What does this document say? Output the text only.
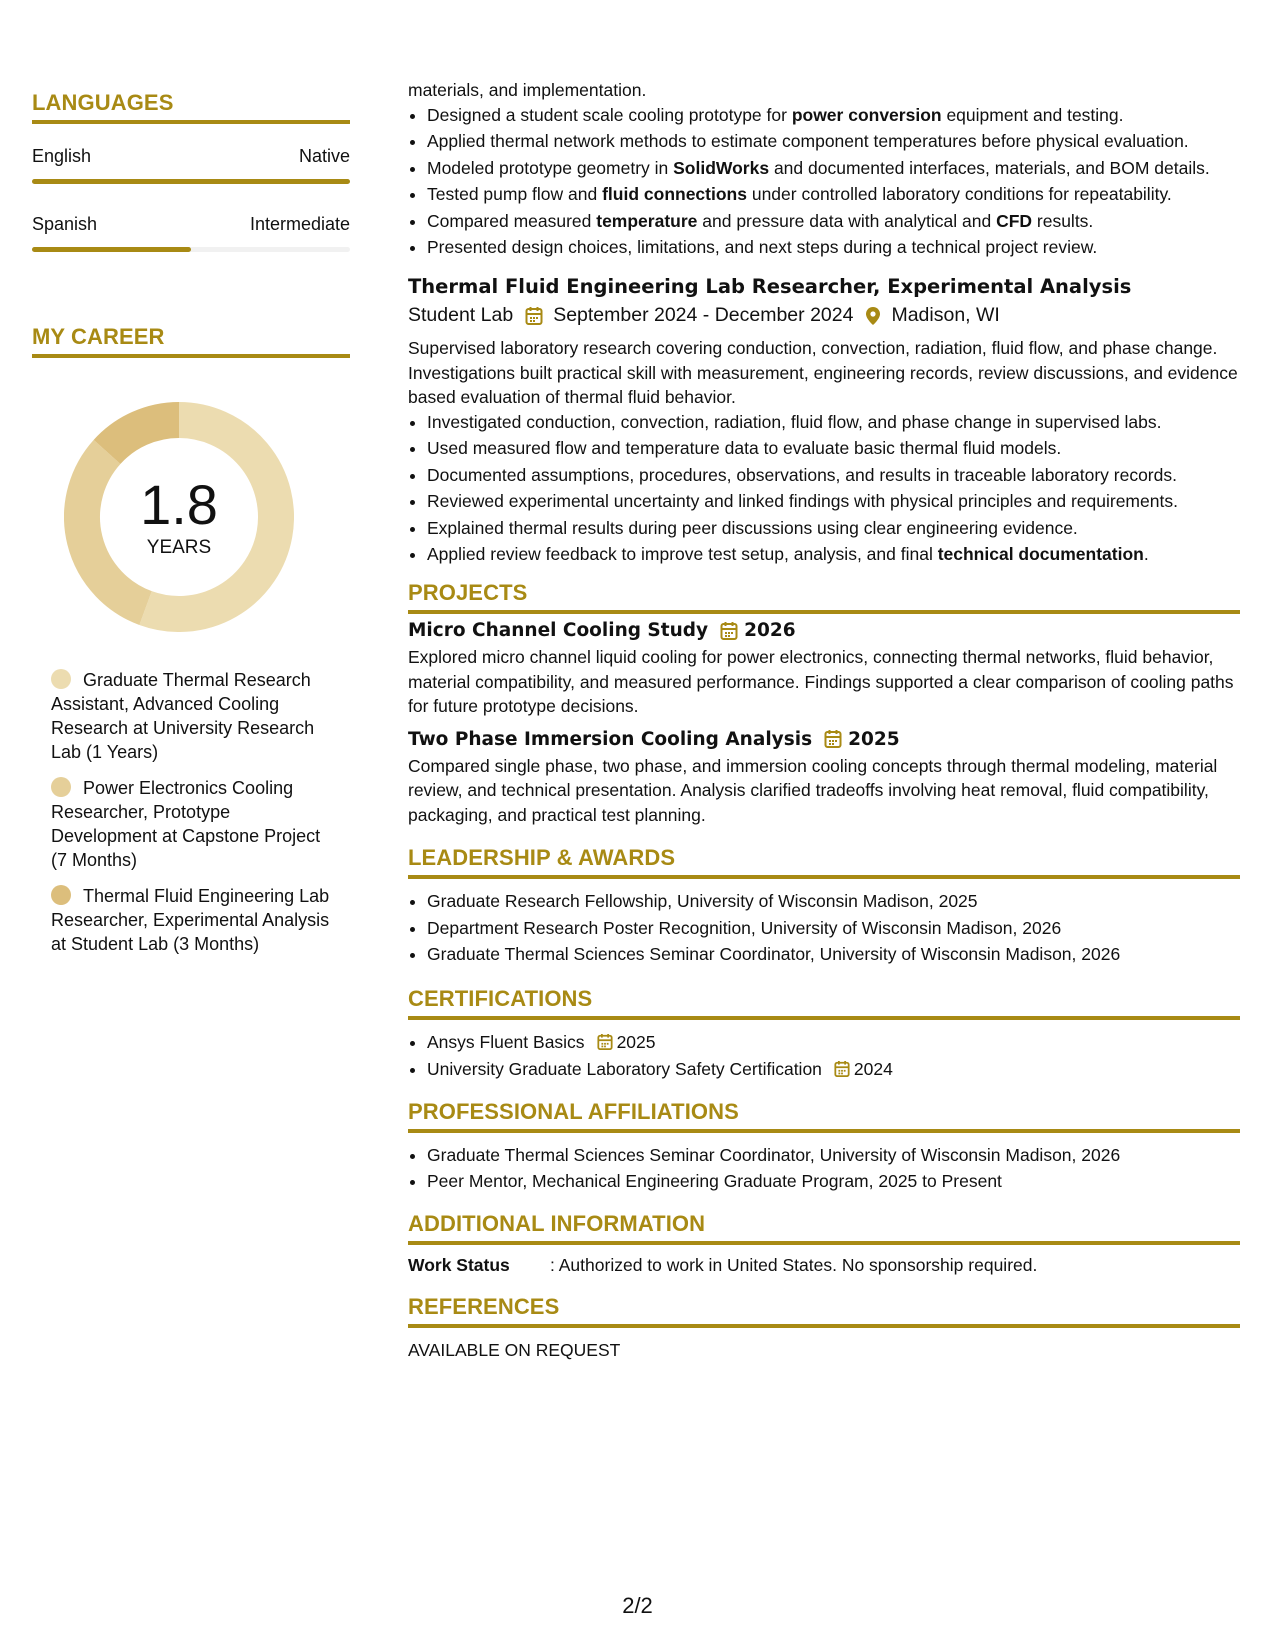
LANGUAGES
English	Native
Spanish	Intermediate
MY CAREER
1.8
YEARS
Graduate Thermal Research Assistant, Advanced Cooling Research at University Research Lab (1 Years)
Power Electronics Cooling Researcher, Prototype Development at Capstone Project (7 Months)
Thermal Fluid Engineering Lab Researcher, Experimental Analysis at Student Lab (3 Months)

materials, and implementation.

• Designed a student scale cooling prototype for power conversion equipment and testing.
• Applied thermal network methods to estimate component temperatures before physical evaluation.
• Modeled prototype geometry in SolidWorks and documented interfaces, materials, and BOM details.
• Tested pump flow and fluid connections under controlled laboratory conditions for repeatability.
• Compared measured temperature and pressure data with analytical and CFD results.
• Presented design choices, limitations, and next steps during a technical project review.
Thermal Fluid Engineering Lab Researcher, Experimental Analysis
Student Lab September 2024 - December 2024 Madison, WI

Supervised laboratory research covering conduction, convection, radiation, fluid flow, and phase change. Investigations built practical skill with measurement, engineering records, review discussions, and evidence based evaluation of thermal fluid behavior.

• Investigated conduction, convection, radiation, fluid flow, and phase change in supervised labs.
• Used measured flow and temperature data to evaluate basic thermal fluid models.
• Documented assumptions, procedures, observations, and results in traceable laboratory records.
• Reviewed experimental uncertainty and linked findings with physical principles and requirements.
• Explained thermal results during peer discussions using clear engineering evidence.
• Applied review feedback to improve test setup, analysis, and final technical documentation.
PROJECTS
Micro Channel Cooling Study 2026

Explored micro channel liquid cooling for power electronics, connecting thermal networks, fluid behavior, material compatibility, and measured performance. Findings supported a clear comparison of cooling paths for future prototype decisions.

Two Phase Immersion Cooling Analysis 2025

Compared single phase, two phase, and immersion cooling concepts through thermal modeling, material review, and technical presentation. Analysis clarified tradeoffs involving heat removal, fluid compatibility, packaging, and practical test planning.

LEADERSHIP & AWARDS
• Graduate Research Fellowship, University of Wisconsin Madison, 2025
• Department Research Poster Recognition, University of Wisconsin Madison, 2026
• Graduate Thermal Sciences Seminar Coordinator, University of Wisconsin Madison, 2026
CERTIFICATIONS
• Ansys Fluent Basics 2025
• University Graduate Laboratory Safety Certification 2024
PROFESSIONAL AFFILIATIONS
• Graduate Thermal Sciences Seminar Coordinator, University of Wisconsin Madison, 2026
• Peer Mentor, Mechanical Engineering Graduate Program, 2025 to Present
ADDITIONAL INFORMATION
Work Status	: Authorized to work in United States. No sponsorship required.
REFERENCES

AVAILABLE ON REQUEST

2/2
